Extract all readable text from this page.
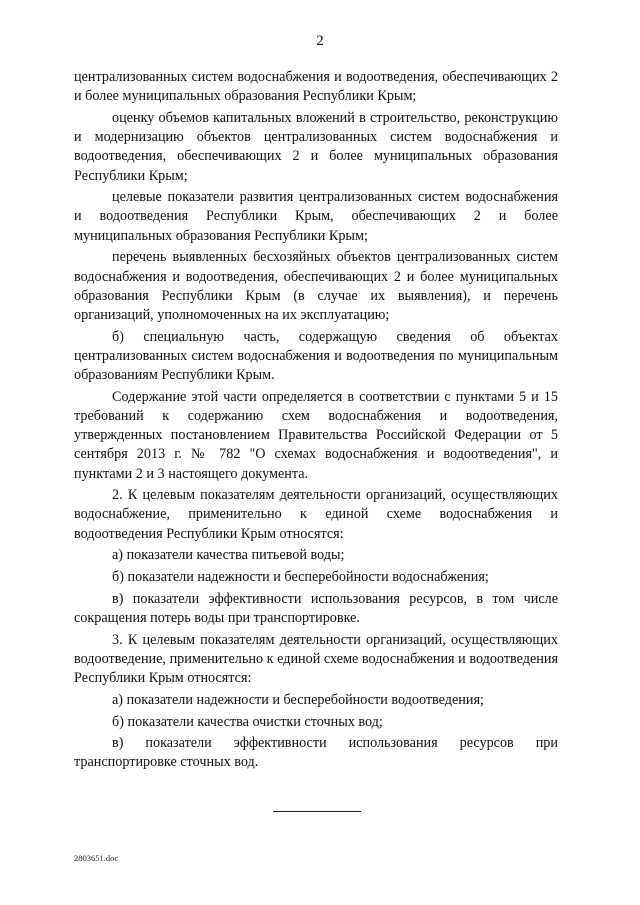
2

централизованных систем водоснабжения и водоотведения, обеспечивающих 2 и более муниципальных образования Республики Крым;

оценку объемов капитальных вложений в строительство, реконструкцию и модернизацию объектов централизованных систем водоснабжения и водоотведения, обеспечивающих 2 и более муниципальных образования Республики Крым;

целевые показатели развития централизованных систем водоснабжения и водоотведения Республики Крым, обеспечивающих 2 и более муниципальных образования Республики Крым;

перечень выявленных бесхозяйных объектов централизованных систем водоснабжения и водоотведения, обеспечивающих 2 и более муниципальных образования Республики Крым (в случае их выявления), и перечень организаций, уполномоченных на их эксплуатацию;

б) специальную часть, содержащую сведения об объектах централизованных систем водоснабжения и водоотведения по муниципальным образованиям Республики Крым.

Содержание этой части определяется в соответствии с пунктами 5 и 15 требований к содержанию схем водоснабжения и водоотведения, утвержденных постановлением Правительства Российской Федерации от 5 сентября 2013 г. № 782 "О схемах водоснабжения и водоотведения", и пунктами 2 и 3 настоящего документа.

2. К целевым показателям деятельности организаций, осуществляющих водоснабжение, применительно к единой схеме водоснабжения и водоотведения Республики Крым относятся:

а) показатели качества питьевой воды;

б) показатели надежности и бесперебойности водоснабжения;

в) показатели эффективности использования ресурсов, в том числе сокращения потерь воды при транспортировке.

3. К целевым показателям деятельности организаций, осуществляющих водоотведение, применительно к единой схеме водоснабжения и водоотведения Республики Крым относятся:

а) показатели надежности и бесперебойности водоотведения;

б) показатели качества очистки сточных вод;

в) показатели эффективности использования ресурсов при транспортировке сточных вод.

2803651.doc
